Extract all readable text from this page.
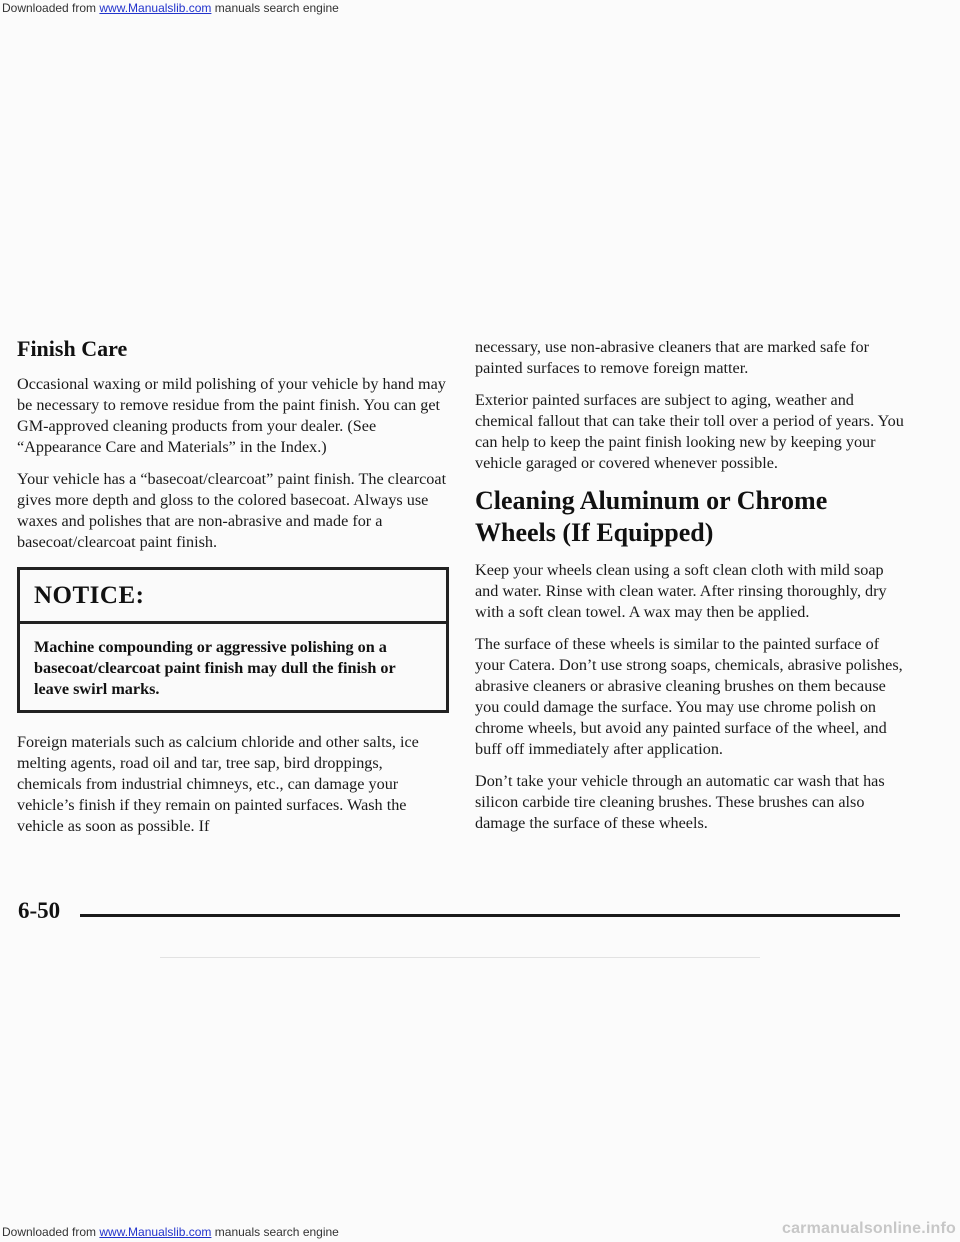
Downloaded from www.Manualslib.com manuals search engine
Finish Care

Occasional waxing or mild polishing of your vehicle by hand may be necessary to remove residue from the paint finish. You can get GM-approved cleaning products from your dealer. (See “Appearance Care and Materials” in the Index.)

Your vehicle has a “basecoat/clearcoat” paint finish. The clearcoat gives more depth and gloss to the colored basecoat. Always use waxes and polishes that are non-abrasive and made for a basecoat/clearcoat paint finish.

NOTICE:
Machine compounding or aggressive polishing on a basecoat/clearcoat paint finish may dull the finish or leave swirl marks.

Foreign materials such as calcium chloride and other salts, ice melting agents, road oil and tar, tree sap, bird droppings, chemicals from industrial chimneys, etc., can damage your vehicle’s finish if they remain on painted surfaces. Wash the vehicle as soon as possible. If

necessary, use non-abrasive cleaners that are marked safe for painted surfaces to remove foreign matter.

Exterior painted surfaces are subject to aging, weather and chemical fallout that can take their toll over a period of years. You can help to keep the paint finish looking new by keeping your vehicle garaged or covered whenever possible.

Cleaning Aluminum or Chrome Wheels (If Equipped)

Keep your wheels clean using a soft clean cloth with mild soap and water. Rinse with clean water. After rinsing thoroughly, dry with a soft clean towel. A wax may then be applied.

The surface of these wheels is similar to the painted surface of your Catera. Don’t use strong soaps, chemicals, abrasive polishes, abrasive cleaners or abrasive cleaning brushes on them because you could damage the surface. You may use chrome polish on chrome wheels, but avoid any painted surface of the wheel, and buff off immediately after application.

Don’t take your vehicle through an automatic car wash that has silicon carbide tire cleaning brushes. These brushes can also damage the surface of these wheels.

6-50
Downloaded from www.Manualslib.com manuals search engine	carmanualsonline.info
